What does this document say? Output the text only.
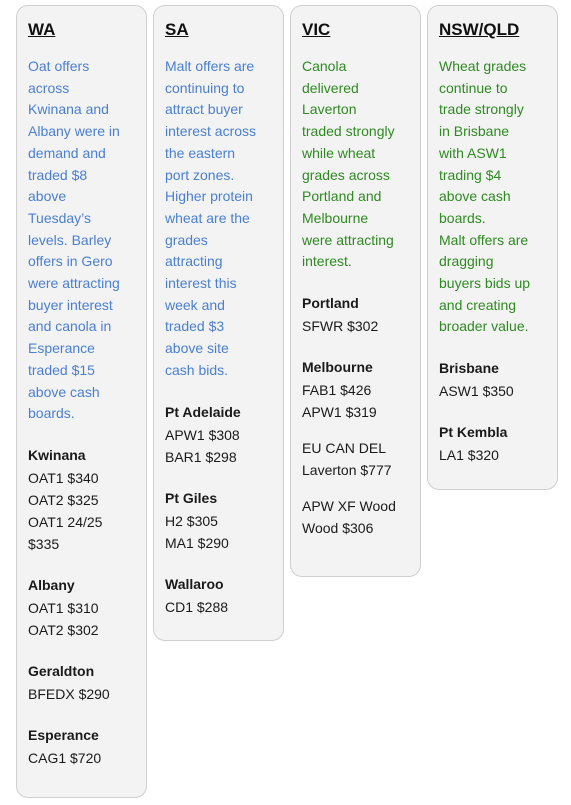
WA
Oat offers
across
Kwinana and
Albany were in
demand and
traded $8
above
Tuesday’s
levels. Barley
offers in Gero
were attracting
buyer interest
and canola in
Esperance
traded $15
above cash
boards.
Kwinana
OAT1 $340
OAT2 $325
OAT1 24/25
$335
Albany
OAT1 $310
OAT2 $302
Geraldton
BFEDX $290
Esperance
CAG1 $720
SA
Malt offers are
continuing to
attract buyer
interest across
the eastern
port zones.
Higher protein
wheat are the
grades
attracting
interest this
week and
traded $3
above site
cash bids.
Pt Adelaide
APW1 $308
BAR1 $298
Pt Giles
H2 $305
MA1 $290
Wallaroo
CD1 $288
VIC
Canola
delivered
Laverton
traded strongly
while wheat
grades across
Portland and
Melbourne
were attracting
interest.
Portland
SFWR $302
Melbourne
FAB1 $426
APW1 $319
EU CAN DEL
Laverton $777
APW XF Wood
Wood $306
NSW/QLD
Wheat grades
continue to
trade strongly
in Brisbane
with ASW1
trading $4
above cash
boards.
Malt offers are
dragging
buyers bids up
and creating
broader value.
Brisbane
ASW1 $350
Pt Kembla
LA1 $320
